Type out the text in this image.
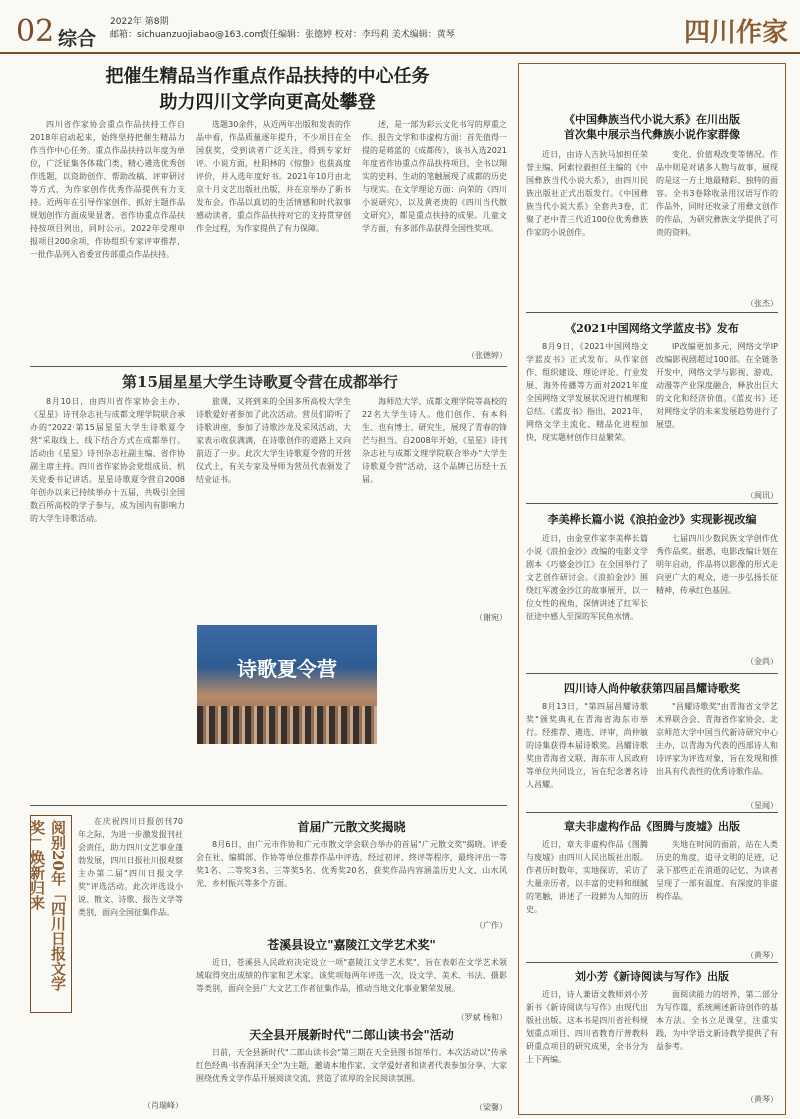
02 综合
2022年 第8期
邮箱：sichuanzuojiabao@163.com
责任编辑：张德婷 校对：李玛莉 美术编辑：黄琴	四川作家
把催生精品当作重点作品扶持的中心任务
助力四川文学向更高处攀登

四川省作家协会重点作品扶持工作自2018年启动起来，始终坚持把催生精品力作当作中心任务。重点作品扶持以年度为单位，广泛征集各体裁门类，精心遴选优秀创作选题，以资助创作、帮助改稿、评审研讨等方式，为作家创作优秀作品提供有力支持。近两年在引导作家创作、抓好主题作品规划创作方面成果显著。省作协重点作品扶持按项目列出，同时公示，2022年受理申报项目200余项，作协组织专家评审推荐，一批作品列入省委宣传部重点作品扶持。

选题30余件，从近两年出版和发表的作品中看，作品质量逐年提升，不少项目在全国获奖，受到读者广泛关注，得到专家好评。小说方面，杜阳林的《惊蛰》也获高度评价，并入选年度好书。2021年10月由北京十月文艺出版社出版，并在京举办了新书发布会。作品以真切的生活情感和时代叙事感动读者，重点作品扶持对它的支持贯穿创作全过程，为作家提供了有力保障。

述，是一部为彩云文化书写的厚重之作。报告文学和非虚构方面：首先值得一提的是蒋蓝的《成都传》，该书入选2021年度省作协重点作品扶持项目，全书以翔实的史料、生动的笔触展现了成都的历史与现实。在文学理论方面：向荣的《四川小说研究》，以及黄老庚的《四川当代散文研究》，都是重点扶持的成果。儿童文学方面，有多部作品获得全国性奖项。

（张德婷）
第15届星星大学生诗歌夏令营在成都举行

8月10日，由四川省作家协会主办，《星星》诗刊杂志社与成都文理学院联合承办的"2022·第15届星星大学生诗歌夏令营"采取线上、线下结合方式在成都举行。活动由《星星》诗刊杂志社副主编、省作协副主席主持。四川省作家协会党组成员、机关党委书记讲话。星星诗歌夏令营自2008年创办以来已持续举办十五届，共吸引全国数百所高校的学子参与，成为国内有影响力的大学生诗歌活动。

旅课，又将到来的全国多所高校大学生诗歌爱好者参加了此次活动。营员们聆听了诗歌讲座，参加了诗歌沙龙及采风活动，大家表示收获满满，在诗歌创作的道路上又向前迈了一步。此次大学生诗歌夏令营的开营仪式上，有关专家及导师为营员代表颁发了结业证书。

海师范大学、成都文理学院等高校的22名大学生诗人。他们创作、有本科生、也有博士、研究生，展现了青春的锋芒与担当。自2008年开始，《星星》诗刊杂志社与成都文理学院联合举办"大学生诗歌夏令营"活动，这个品牌已历经十五届。

（谢宛）
诗歌夏令营
阅别20年「四川日报文学奖」焕新归来	在庆祝四川日报创刊70年之际，为进一步激发报刊社会责任，助力四川文艺事业蓬勃发展，四川日报社川报观察主办第二届"四川日报文学奖"评选活动。此次评选设小说、散文、诗歌、报告文学等类别，面向全国征集作品。

（肖瑞峰）
首届广元散文奖揭晓

8月6日，由广元市作协和广元市散文学会联合举办的首届"广元散文奖"揭晓。评委会在社、编辑部、作协等单位推荐作品中评选，经过初评、终评等程序，最终评出一等奖1名、二等奖3名、三等奖5名、优秀奖20名，获奖作品内容涵盖历史人文、山水风光、乡村振兴等多个方面。

（广作）
苍溪县设立"嘉陵江文学艺术奖"

近日，苍溪县人民政府决定设立一项"嘉陵江文学艺术奖"，旨在表彰在文学艺术领域取得突出成绩的作家和艺术家。该奖项每两年评选一次，设文学、美术、书法、摄影等类别，面向全县广大文艺工作者征集作品，推动当地文化事业繁荣发展。

（罗斌 杨和）
天全县开展新时代"二郎山读书会"活动

日前，天全县新时代"二郎山读书会"第三期在天全县图书馆举行。本次活动以"传承红色经典·书香润泽天全"为主题，邀请本地作家、文学爱好者和读者代表参加分享，大家围绕优秀文学作品开展阅读交流，营造了浓厚的全民阅读氛围。

（梁馨）
《中国彝族当代小说大系》在川出版
首次集中展示当代彝族小说作家群像

近日，由诗人吉狄马加担任荣誉主编、阿索拉毅担任主编的《中国彝族当代小说大系》，由四川民族出版社正式出版发行。《中国彝族当代小说大系》全套共3卷，汇聚了老中青三代近100位优秀彝族作家的小说创作。

变化、价值观改变等情况。作品中则是对诸多人物与故事，展现的是这一方土地最精彩、独特的面容。全书3卷除收录用汉语写作的作品外，同时还收录了用彝文创作的作品，为研究彝族文学提供了可贵的资料。

（张杰）
《2021中国网络文学蓝皮书》发布

8月9日，《2021中国网络文学蓝皮书》正式发布。从作家创作、组织建设、理论评论、行业发展、海外传播等方面对2021年度全国网络文学发展状况进行梳理和总结。《蓝皮书》指出，2021年，网络文学主流化、精品化进程加快，现实题材创作日益繁荣。

IP改编更加多元，网络文学IP改编影视剧超过100部。在全链条开发中，网络文学与影视、游戏、动漫等产业深度融合，释放出巨大的文化和经济价值。《蓝皮书》还对网络文学的未来发展趋势进行了展望。

（闽讯）
李美桦长篇小说《浪拍金沙》实现影视改编

近日，由金堂作家李美桦长篇小说《浪拍金沙》改编的电影文学剧本《巧婆金沙江》在全国举行了文艺创作研讨会。《浪拍金沙》围绕红军渡金沙江的故事展开，以一位女性的视角，深情讲述了红军长征途中感人至深的军民鱼水情。

七届四川少数民族文学创作优秀作品奖。据悉，电影改编计划在明年启动，作品将以影像的形式走向更广大的观众，进一步弘扬长征精神，传承红色基因。

（金尚）
四川诗人尚仲敏获第四届昌耀诗歌奖

8月13日，"第四届昌耀诗歌奖"颁奖典礼在青海省海东市举行。经推荐、遴选、评审，尚仲敏的诗集获得本届诗歌奖。昌耀诗歌奖由青海省文联、海东市人民政府等单位共同设立，旨在纪念著名诗人昌耀。

"昌耀诗歌奖"由青海省文学艺术界联合会、青海省作家协会、北京师范大学中国当代新诗研究中心主办，以青海为代表的西部诗人和诗评家为评选对象，旨在发现和推出具有代表性的优秀诗歌作品。

（星闻）
章夫非虚构作品《图腾与废墟》出版

近日，章夫非虚构作品《图腾与废墟》由四川人民出版社出版。作者历时数年，实地探访，采访了大量亲历者，以丰富的史料和细腻的笔触，讲述了一段鲜为人知的历史。

失地在时间的面前，站在人类历史的角度，追寻文明的足迹，记录下那些正在消逝的记忆，为读者呈现了一部有温度、有深度的非虚构作品。

（黄琴）
刘小芳《新诗阅读与写作》出版

近日，诗人兼语文教师刘小芳新书《新诗阅读与写作》由现代出版社出版。这本书是四川省社科规划重点项目、四川省教育厅普教科研重点项目的研究成果，全书分为上下两编。

面阅读能力的培养，第二部分为写作篇，系统阐述新诗创作的基本方法。全书立足课堂，注重实践，为中学语文新诗教学提供了有益参考。

（黄琴）
